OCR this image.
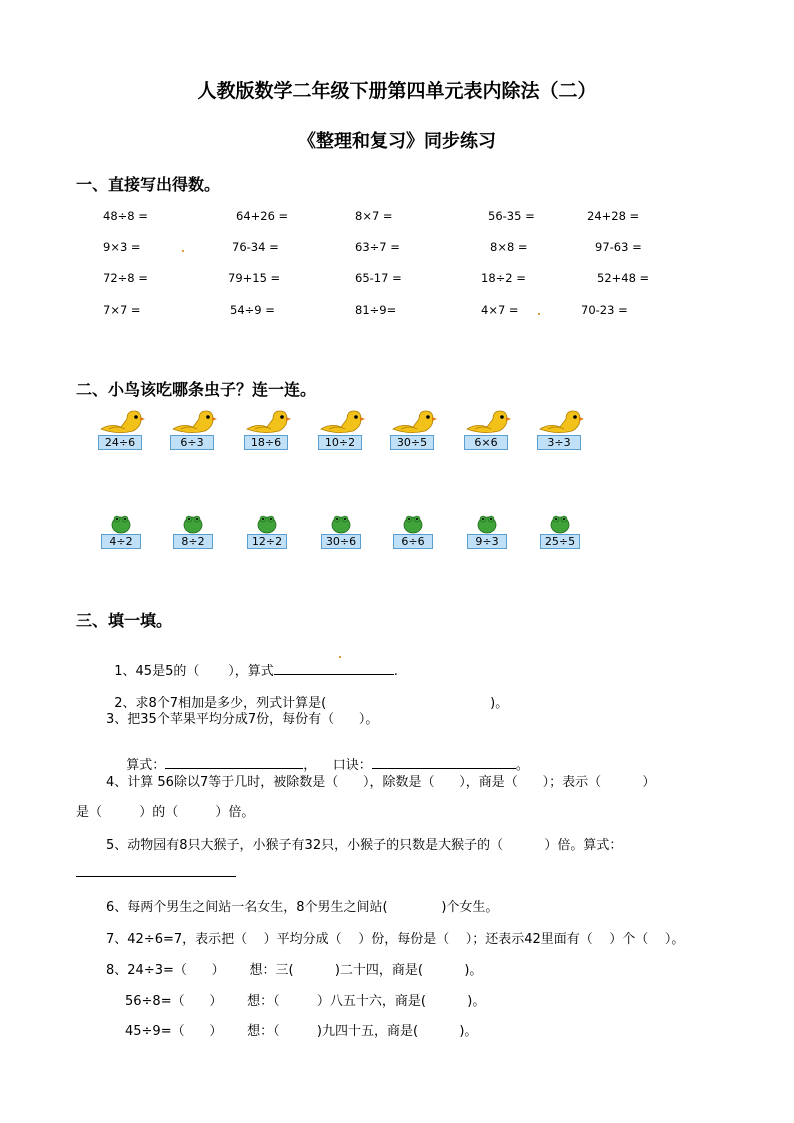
人教版数学二年级下册第四单元表内除法（二）
《整理和复习》同步练习
一、直接写出得数。
48÷8 =	64+26 =	8×7 =	56-35 =	24+28 =
9×3 =	76-34 =	63÷7 =	8×8 =	97-63 =
72÷8 =	79+15 =	65-17 =	18÷2 =	52+48 =
7×7 =	54÷9 =	81÷9=	4×7 =	70-23 =
二、小鸟该吃哪条虫子？连一连。
24÷6	6÷3	18÷6	10÷2	30÷5	6×6	3÷3
4÷2	8÷2	12÷2	30÷6	6÷6	9÷3	25÷5
三、填一填。

1、45是5的（       ），算式	.

2、求8个7相加是多少，列式计算是(	)。

3、把35个苹果平均分成7份，每份有（      ）。

算式：	，    口诀：	。

4、计算 56除以7等于几时，被除数是（      ），除数是（      ），商是（      ）；表示（          ）
是（         ）的（         ）倍。
5、动物园有8只大猴子，小猴子有32只，小猴子的只数是大猴子的（          ）倍。算式：
6、每两个男生之间站一名女生，8个男生之间站(             )个女生。
7、42÷6=7，表示把（    ）平均分成（    ）份，每份是（    ）；还表示42里面有（    ）个（    ）。
8、24÷3=（      ）      想：三(          )二十四，商是(          )。
56÷8=（      ）      想：（         ）八五十六，商是(          )。
45÷9=（      ）      想：（         )九四十五，商是(          )。
